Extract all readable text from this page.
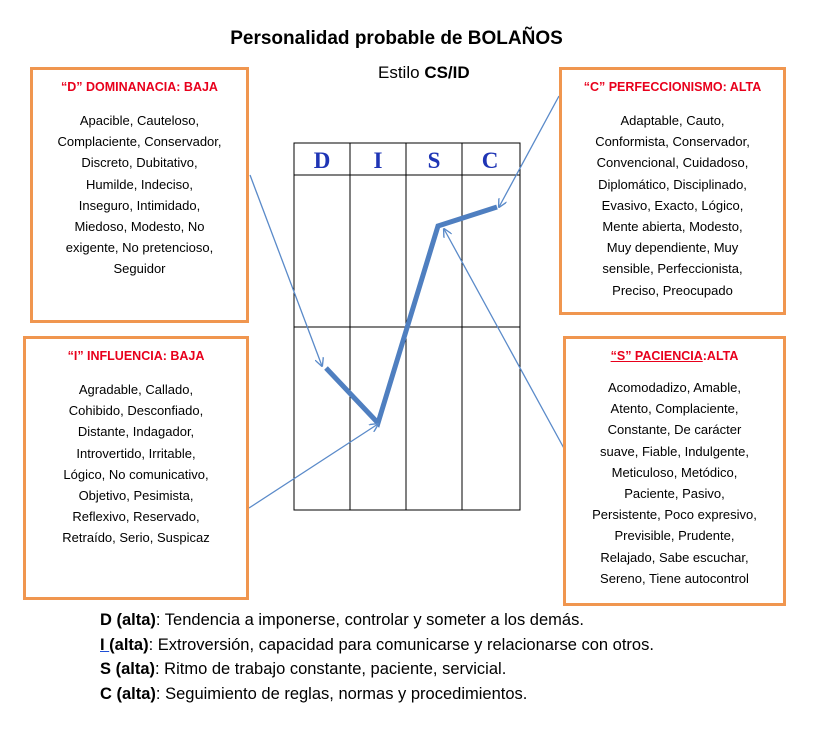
Personalidad probable de BOLAÑOS
Estilo CS/ID
D I S C
“D” DOMINANACIA: BAJA
Apacible, Cauteloso,
Complaciente, Conservador,
Discreto, Dubitativo,
Humilde, Indeciso,
Inseguro, Intimidado,
Miedoso, Modesto, No
exigente, No pretencioso,
Seguidor
“C” PERFECCIONISMO: ALTA
Adaptable, Cauto,
Conformista, Conservador,
Convencional, Cuidadoso,
Diplomático, Disciplinado,
Evasivo, Exacto, Lógico,
Mente abierta, Modesto,
Muy dependiente, Muy
sensible, Perfeccionista,
Preciso, Preocupado
“I” INFLUENCIA: BAJA
Agradable, Callado,
Cohibido, Desconfiado,
Distante, Indagador,
Introvertido, Irritable,
Lógico, No comunicativo,
Objetivo, Pesimista,
Reflexivo, Reservado,
Retraído, Serio, Suspicaz
“S” PACIENCIA:ALTA
Acomodadizo, Amable,
Atento, Complaciente,
Constante, De carácter
suave, Fiable, Indulgente,
Meticuloso, Metódico,
Paciente, Pasivo,
Persistente, Poco expresivo,
Previsible, Prudente,
Relajado, Sabe escuchar,
Sereno, Tiene autocontrol
D (alta): Tendencia a imponerse, controlar y someter a los demás.
I (alta): Extroversión, capacidad para comunicarse y relacionarse con otros.
S (alta): Ritmo de trabajo constante, paciente, servicial.
C (alta): Seguimiento de reglas, normas y procedimientos.
